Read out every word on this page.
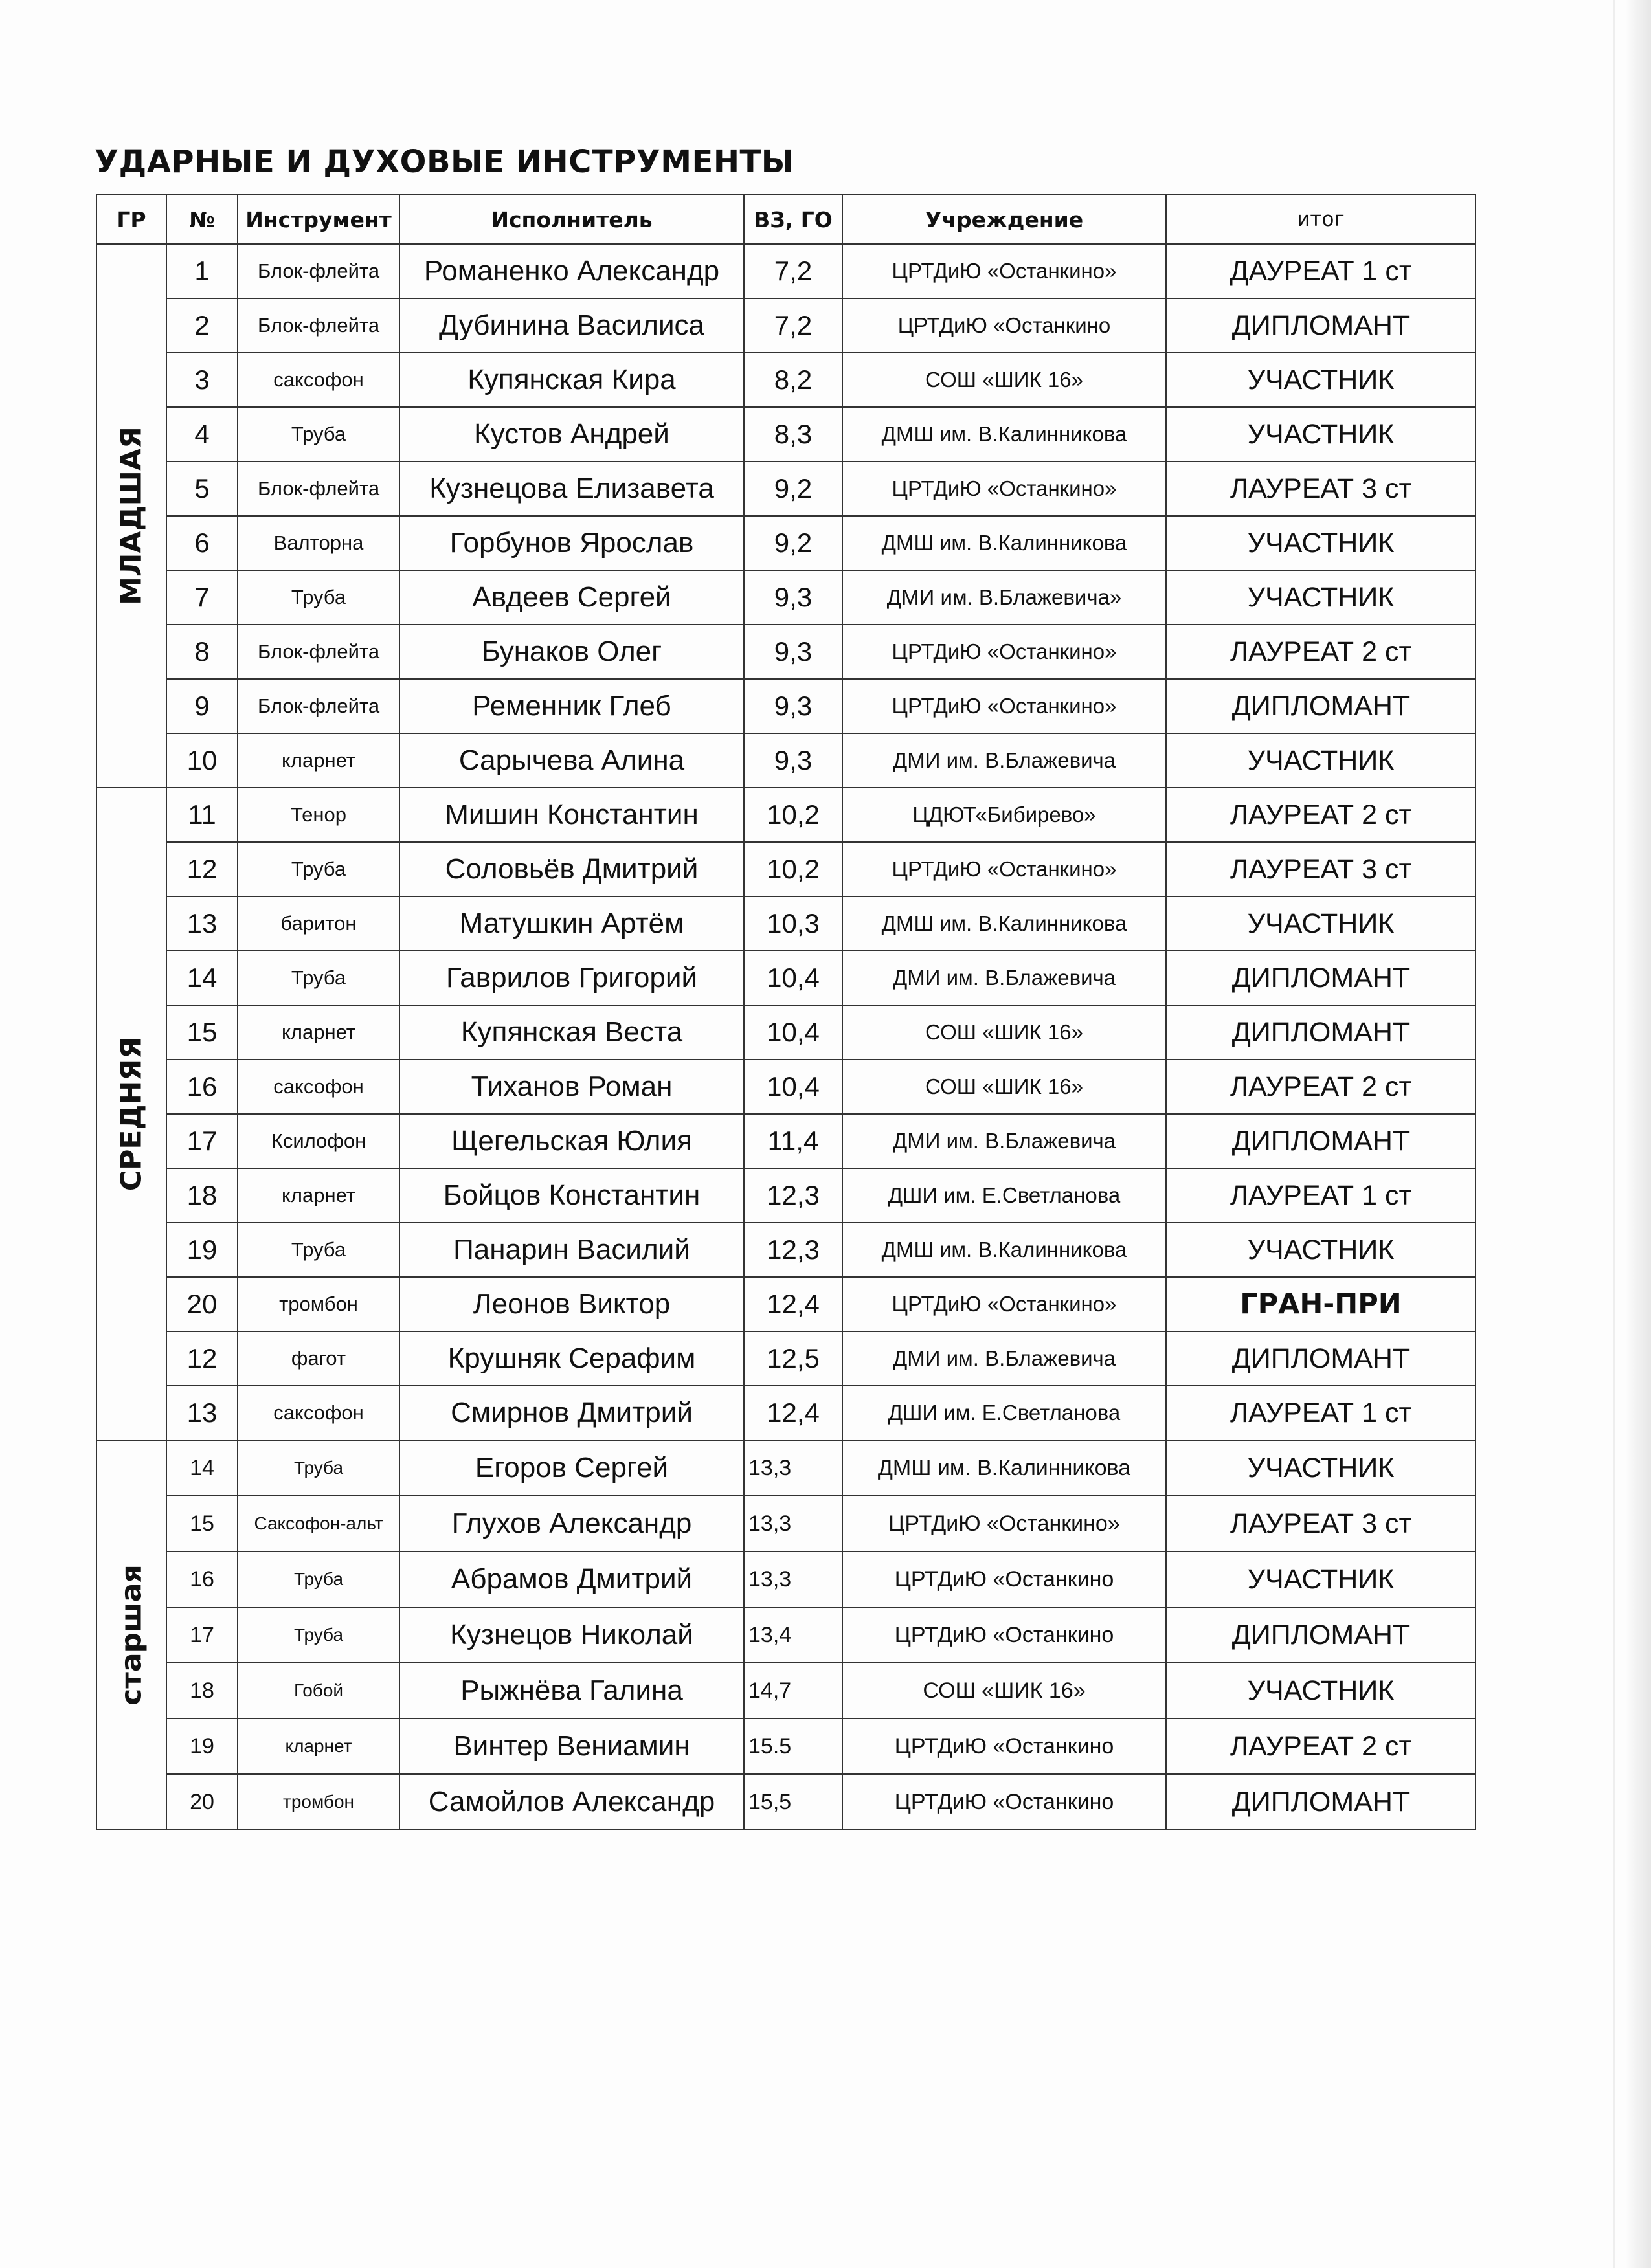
УДАРНЫЕ И ДУХОВЫЕ ИНСТРУМЕНТЫ
ГР	№	Инструмент	Исполнитель	ВЗ, ГО	Учреждение	итог

МЛАДШАЯ	1	Блок-флейта	Романенко Александр	7,2	ЦРТДиЮ «Останкино»	ДАУРЕАТ 1 ст
	2	Блок-флейта	Дубинина Василиса	7,2	ЦРТДиЮ «Останкино	ДИПЛОМАНТ
	3	саксофон	Купянская Кира	8,2	СОШ «ШИК 16»	УЧАСТНИК
	4	Труба	Кустов Андрей	8,3	ДМШ им. В.Калинникова	УЧАСТНИК
	5	Блок-флейта	Кузнецова Елизавета	9,2	ЦРТДиЮ «Останкино»	ЛАУРЕАТ 3 ст
	6	Валторна	Горбунов Ярослав	9,2	ДМШ им. В.Калинникова	УЧАСТНИК
	7	Труба	Авдеев Сергей	9,3	ДМИ им. В.Блажевича»	УЧАСТНИК
	8	Блок-флейта	Бунаков Олег	9,3	ЦРТДиЮ «Останкино»	ЛАУРЕАТ 2 ст
	9	Блок-флейта	Ременник Глеб	9,3	ЦРТДиЮ «Останкино»	ДИПЛОМАНТ
	10	кларнет	Сарычева Алина	9,3	ДМИ им. В.Блажевича	УЧАСТНИК

СРЕДНЯЯ	11	Тенор	Мишин Константин	10,2	ЦДЮТ«Бибирево»	ЛАУРЕАТ 2 ст
	12	Труба	Соловьёв Дмитрий	10,2	ЦРТДиЮ «Останкино»	ЛАУРЕАТ 3 ст
	13	баритон	Матушкин Артём	10,3	ДМШ им. В.Калинникова	УЧАСТНИК
	14	Труба	Гаврилов Григорий	10,4	ДМИ им. В.Блажевича	ДИПЛОМАНТ
	15	кларнет	Купянская Веста	10,4	СОШ «ШИК 16»	ДИПЛОМАНТ
	16	саксофон	Тиханов Роман	10,4	СОШ «ШИК 16»	ЛАУРЕАТ 2 ст
	17	Ксилофон	Щегельская Юлия	11,4	ДМИ им. В.Блажевича	ДИПЛОМАНТ
	18	кларнет	Бойцов Константин	12,3	ДШИ им. Е.Светланова	ЛАУРЕАТ 1 ст
	19	Труба	Панарин Василий	12,3	ДМШ им. В.Калинникова	УЧАСТНИК
	20	тромбон	Леонов Виктор	12,4	ЦРТДиЮ «Останкино»	ГРАН-ПРИ
	12	фагот	Крушняк Серафим	12,5	ДМИ им. В.Блажевича	ДИПЛОМАНТ
	13	саксофон	Смирнов Дмитрий	12,4	ДШИ им. Е.Светланова	ЛАУРЕАТ 1 ст

старшая	14	Труба	Егоров Сергей	13,3	ДМШ им. В.Калинникова	УЧАСТНИК
	15	Саксофон-альт	Глухов Александр	13,3	ЦРТДиЮ «Останкино»	ЛАУРЕАТ 3 ст
	16	Труба	Абрамов Дмитрий	13,3	ЦРТДиЮ «Останкино	УЧАСТНИК
	17	Труба	Кузнецов Николай	13,4	ЦРТДиЮ «Останкино	ДИПЛОМАНТ
	18	Гобой	Рыжнёва Галина	14,7	СОШ «ШИК 16»	УЧАСТНИК
	19	кларнет	Винтер Вениамин	15.5	ЦРТДиЮ «Останкино	ЛАУРЕАТ 2 ст
	20	тромбон	Самойлов Александр	15,5	ЦРТДиЮ «Останкино	ДИПЛОМАНТ
